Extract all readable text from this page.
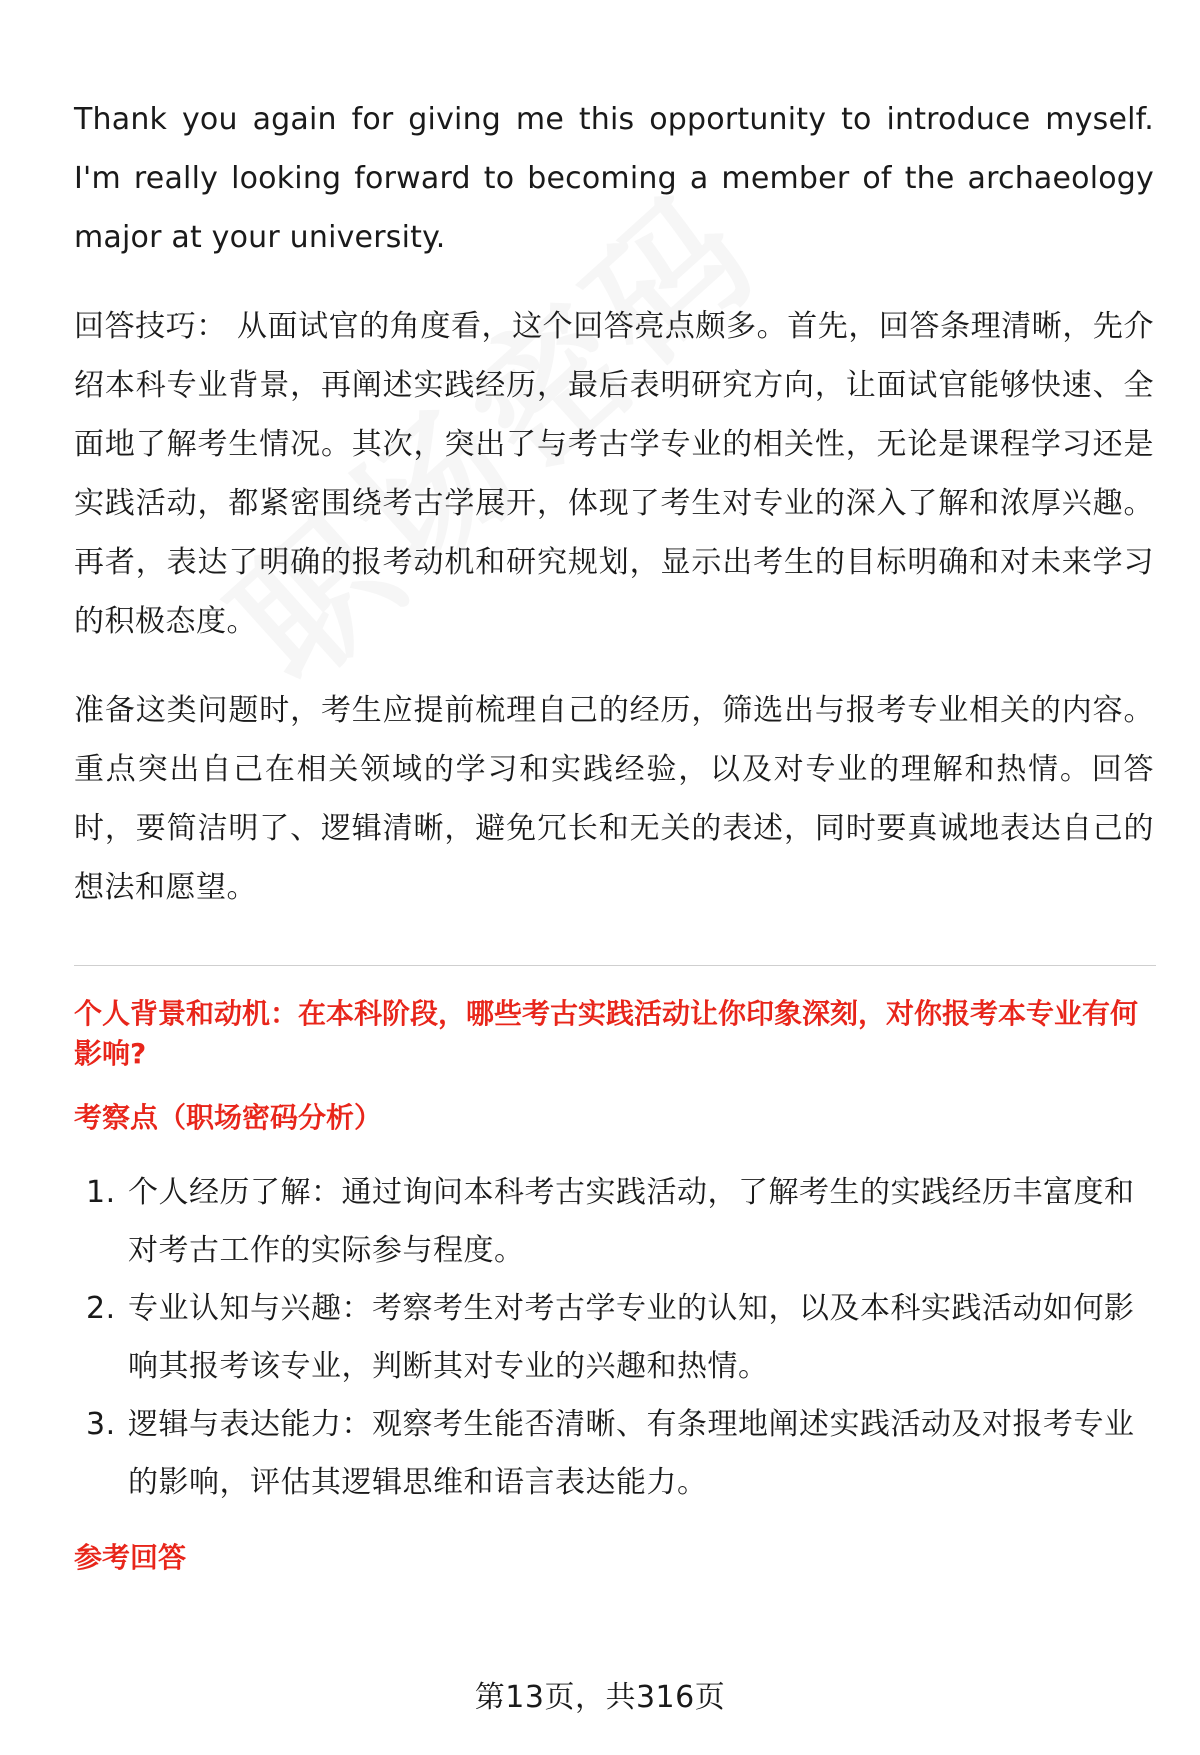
Thank you again for giving me this opportunity to introduce myself. I'm really looking forward to becoming a member of the archaeology major at your university.

回答技巧： 从面试官的角度看，这个回答亮点颇多。首先，回答条理清晰，先介绍本科专业背景，再阐述实践经历，最后表明研究方向，让面试官能够快速、全面地了解考生情况。其次，突出了与考古学专业的相关性，无论是课程学习还是实践活动，都紧密围绕考古学展开，体现了考生对专业的深入了解和浓厚兴趣。再者，表达了明确的报考动机和研究规划，显示出考生的目标明确和对未来学习的积极态度。

准备这类问题时，考生应提前梳理自己的经历，筛选出与报考专业相关的内容。重点突出自己在相关领域的学习和实践经验，以及对专业的理解和热情。回答时，要简洁明了、逻辑清晰，避免冗长和无关的表述，同时要真诚地表达自己的想法和愿望。

个人背景和动机：在本科阶段，哪些考古实践活动让你印象深刻，对你报考本专业有何影响?
考察点（职场密码分析）
1. 个人经历了解：通过询问本科考古实践活动，了解考生的实践经历丰富度和对考古工作的实际参与程度。
2. 专业认知与兴趣：考察考生对考古学专业的认知，以及本科实践活动如何影响其报考该专业，判断其对专业的兴趣和热情。
3. 逻辑与表达能力：观察考生能否清晰、有条理地阐述实践活动及对报考专业的影响，评估其逻辑思维和语言表达能力。
参考回答
第13页，共316页
